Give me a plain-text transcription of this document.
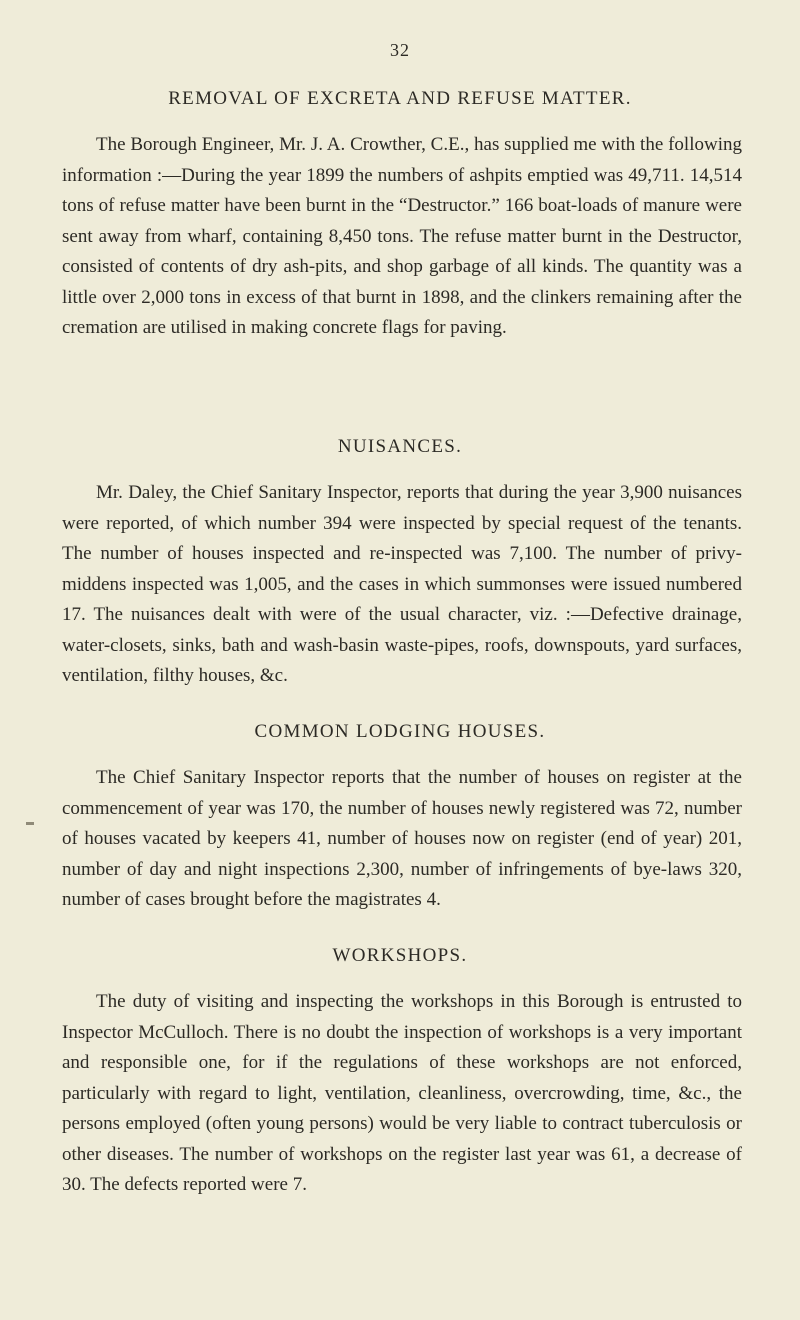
32
REMOVAL OF EXCRETA AND REFUSE MATTER.

The Borough Engineer, Mr. J. A. Crowther, C.E., has supplied me with the following information :—During the year 1899 the numbers of ashpits emptied was 49,711. 14,514 tons of refuse matter have been burnt in the “Destructor.” 166 boat-loads of manure were sent away from wharf, containing 8,450 tons. The refuse matter burnt in the Destructor, consisted of contents of dry ash-pits, and shop garbage of all kinds. The quantity was a little over 2,000 tons in excess of that burnt in 1898, and the clinkers remaining after the cremation are utilised in making concrete flags for paving.

NUISANCES.

Mr. Daley, the Chief Sanitary Inspector, reports that during the year 3,900 nuisances were reported, of which number 394 were inspected by special request of the tenants. The number of houses inspected and re-inspected was 7,100. The number of privy-middens inspected was 1,005, and the cases in which summonses were issued numbered 17. The nuisances dealt with were of the usual character, viz. :—Defective drainage, water-closets, sinks, bath and wash-basin waste-pipes, roofs, downspouts, yard surfaces, ventilation, filthy houses, &c.

COMMON LODGING HOUSES.

The Chief Sanitary Inspector reports that the number of houses on register at the commencement of year was 170, the number of houses newly registered was 72, number of houses vacated by keepers 41, number of houses now on register (end of year) 201, number of day and night inspections 2,300, number of infringements of bye-laws 320, number of cases brought before the magistrates 4.

WORKSHOPS.

The duty of visiting and inspecting the workshops in this Borough is entrusted to Inspector McCulloch. There is no doubt the inspection of workshops is a very important and responsible one, for if the regulations of these workshops are not enforced, particularly with regard to light, ventilation, cleanliness, overcrowding, time, &c., the persons employed (often young persons) would be very liable to contract tuberculosis or other diseases. The number of workshops on the register last year was 61, a decrease of 30. The defects reported were 7.
